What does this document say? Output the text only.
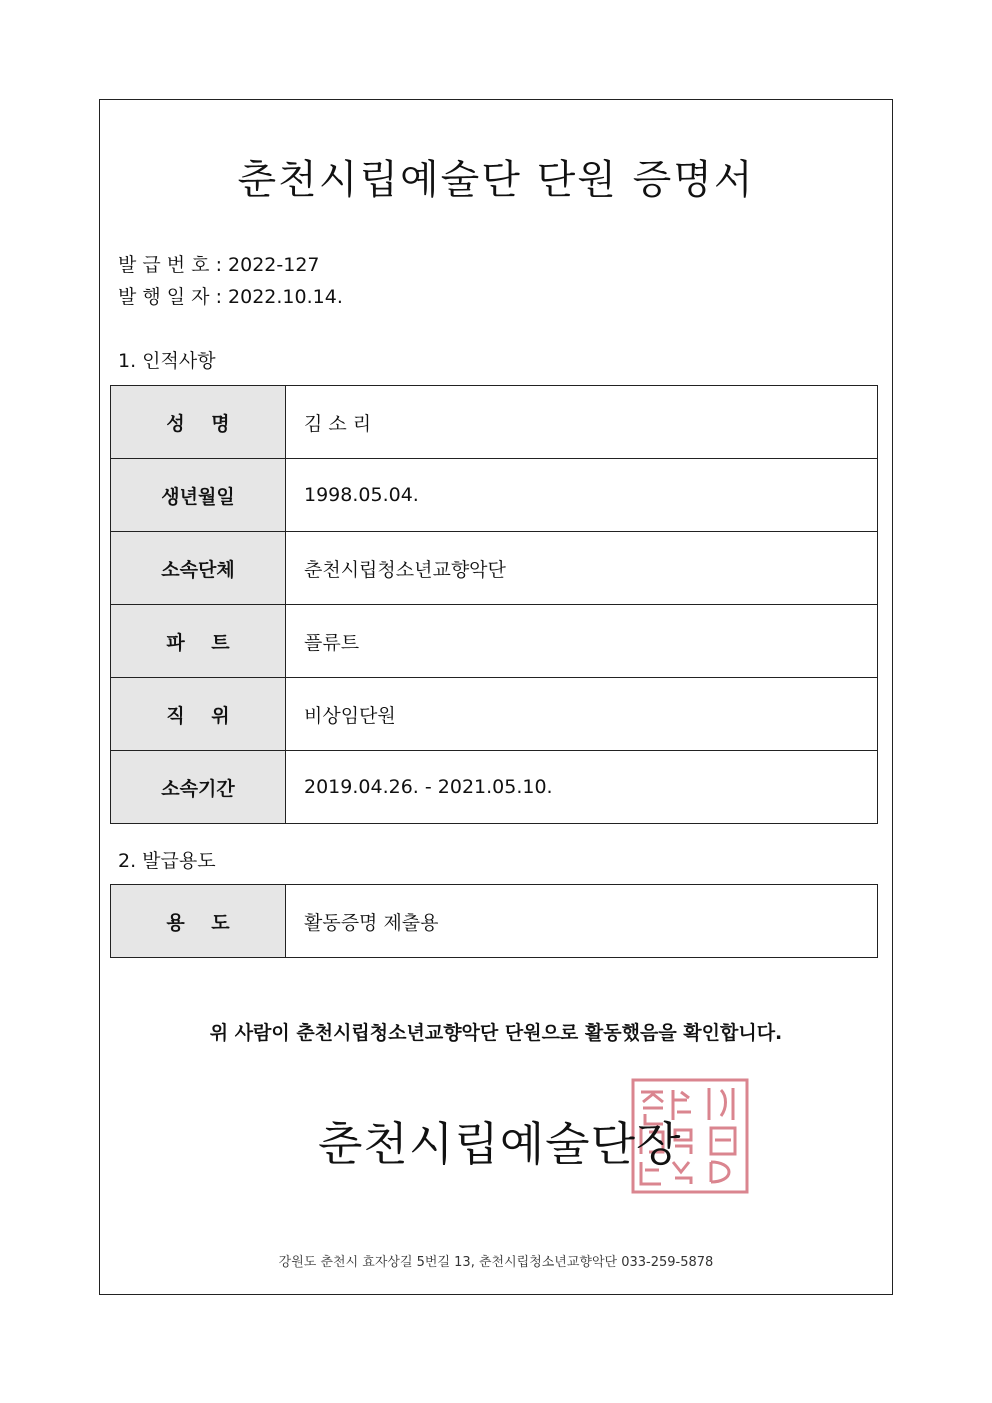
춘천시립예술단 단원 증명서
발 급 번 호 : 2022-127
발 행 일 자 : 2022.10.14.
1. 인적사항
성    명	김 소 리
생년월일	1998.05.04.
소속단체	춘천시립청소년교향악단
파    트	플류트
직    위	비상임단원
소속기간	2019.04.26. - 2021.05.10.
2. 발급용도
용    도	활동증명 제출용
위 사람이 춘천시립청소년교향악단 단원으로 활동했음을 확인합니다.
춘천시립예술단장
강원도 춘천시 효자상길 5번길 13, 춘천시립청소년교향악단 033-259-5878
